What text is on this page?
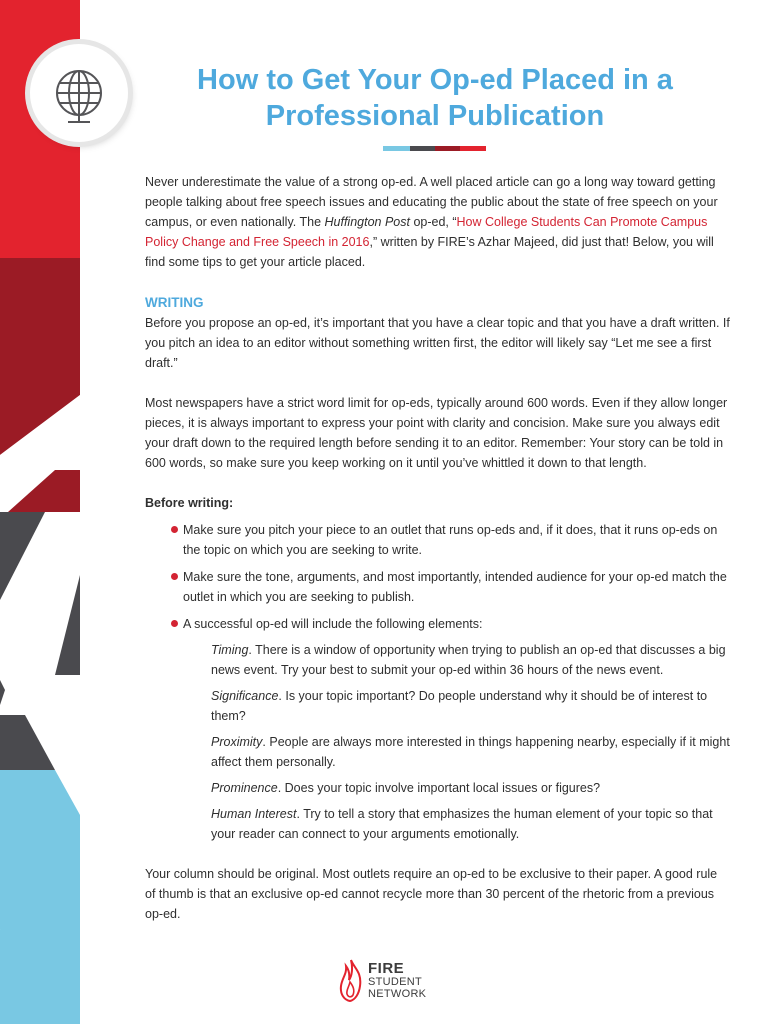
How to Get Your Op-ed Placed in a Professional Publication

Never underestimate the value of a strong op-ed. A well placed article can go a long way toward getting people talking about free speech issues and educating the public about the state of free speech on your campus, or even nationally. The Huffington Post op-ed, “How College Students Can Promote Campus Policy Change and Free Speech in 2016,” written by FIRE’s Azhar Majeed, did just that! Below, you will find some tips to get your article placed.

WRITING

Before you propose an op-ed, it’s important that you have a clear topic and that you have a draft written. If you pitch an idea to an editor without something written first, the editor will likely say “Let me see a first draft.”

Most newspapers have a strict word limit for op-eds, typically around 600 words. Even if they allow longer pieces, it is always important to express your point with clarity and concision. Make sure you always edit your draft down to the required length before sending it to an editor. Remember: Your story can be told in 600 words, so make sure you keep working on it until you’ve whittled it down to that length.

Before writing:

Make sure you pitch your piece to an outlet that runs op-eds and, if it does, that it runs op-eds on the topic on which you are seeking to write.
Make sure the tone, arguments, and most importantly, intended audience for your op-ed match the outlet in which you are seeking to publish.
A successful op-ed will include the following elements:

Timing. There is a window of opportunity when trying to publish an op-ed that discusses a big news event. Try your best to submit your op-ed within 36 hours of the news event.

Significance. Is your topic important? Do people understand why it should be of interest to them?

Proximity. People are always more interested in things happening nearby, especially if it might affect them personally.

Prominence. Does your topic involve important local issues or figures?

Human Interest. Try to tell a story that emphasizes the human element of your topic so that your reader can connect to your arguments emotionally.

Your column should be original. Most outlets require an op-ed to be exclusive to their paper. A good rule of thumb is that an exclusive op-ed cannot recycle more than 30 percent of the rhetoric from a previous op-ed.

FIRE
STUDENT
NETWORK
